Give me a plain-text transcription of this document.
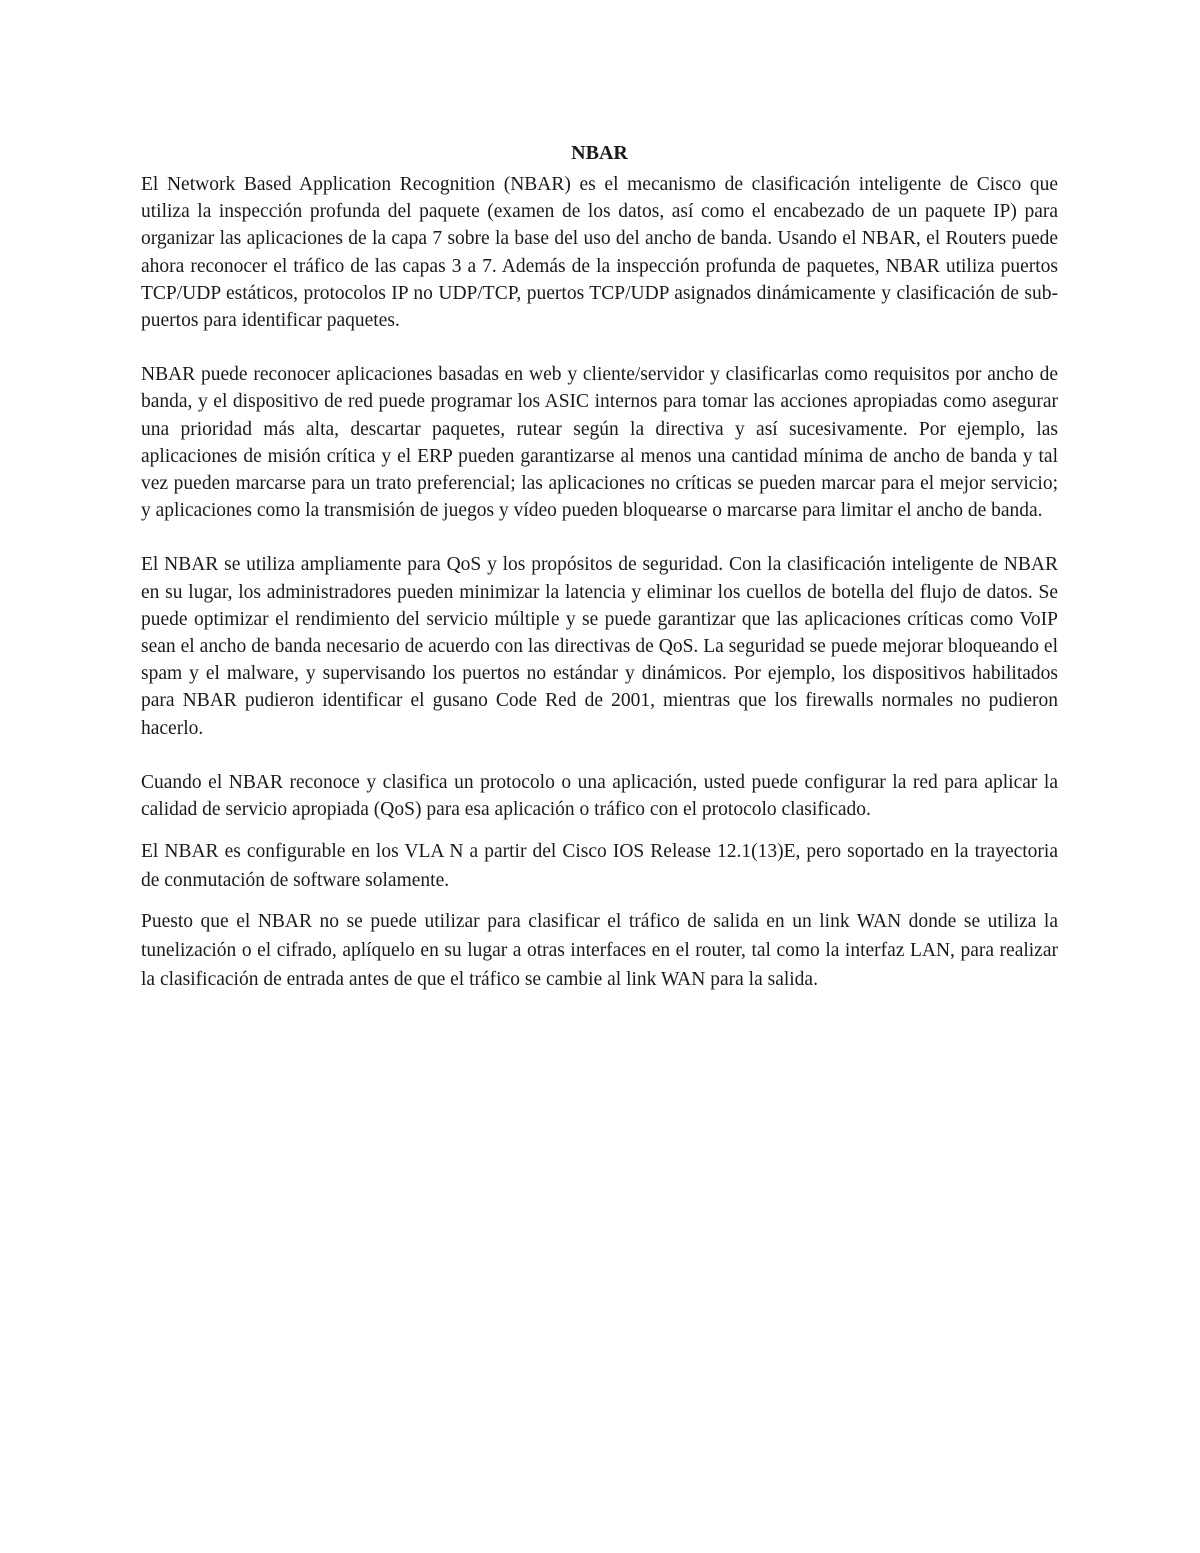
NBAR

El Network Based Application Recognition (NBAR) es el mecanismo de clasificación inteligente de Cisco que utiliza la inspección profunda del paquete (examen de los datos, así como el encabezado de un paquete IP) para organizar las aplicaciones de la capa 7 sobre la base del uso del ancho de banda. Usando el NBAR, el Routers puede ahora reconocer el tráfico de las capas 3 a 7. Además de la inspección profunda de paquetes, NBAR utiliza puertos TCP/UDP estáticos, protocolos IP no UDP/TCP, puertos TCP/UDP asignados dinámicamente y clasificación de sub-puertos para identificar paquetes.

NBAR puede reconocer aplicaciones basadas en web y cliente/servidor y clasificarlas como requisitos por ancho de banda, y el dispositivo de red puede programar los ASIC internos para tomar las acciones apropiadas como asegurar una prioridad más alta, descartar paquetes, rutear según la directiva y así sucesivamente. Por ejemplo, las aplicaciones de misión crítica y el ERP pueden garantizarse al menos una cantidad mínima de ancho de banda y tal vez pueden marcarse para un trato preferencial; las aplicaciones no críticas se pueden marcar para el mejor servicio; y aplicaciones como la transmisión de juegos y vídeo pueden bloquearse o marcarse para limitar el ancho de banda.

El NBAR se utiliza ampliamente para QoS y los propósitos de seguridad. Con la clasificación inteligente de NBAR en su lugar, los administradores pueden minimizar la latencia y eliminar los cuellos de botella del flujo de datos. Se puede optimizar el rendimiento del servicio múltiple y se puede garantizar que las aplicaciones críticas como VoIP sean el ancho de banda necesario de acuerdo con las directivas de QoS. La seguridad se puede mejorar bloqueando el spam y el malware, y supervisando los puertos no estándar y dinámicos. Por ejemplo, los dispositivos habilitados para NBAR pudieron identificar el gusano Code Red de 2001, mientras que los firewalls normales no pudieron hacerlo.

Cuando el NBAR reconoce y clasifica un protocolo o una aplicación, usted puede configurar la red para aplicar la calidad de servicio apropiada (QoS) para esa aplicación o tráfico con el protocolo clasificado.

El NBAR es configurable en los VLA N a partir del Cisco IOS Release 12.1(13)E, pero soportado en la trayectoria de conmutación de software solamente.

Puesto que el NBAR no se puede utilizar para clasificar el tráfico de salida en un link WAN donde se utiliza la tunelización o el cifrado, aplíquelo en su lugar a otras interfaces en el router, tal como la interfaz LAN, para realizar la clasificación de entrada antes de que el tráfico se cambie al link WAN para la salida.
